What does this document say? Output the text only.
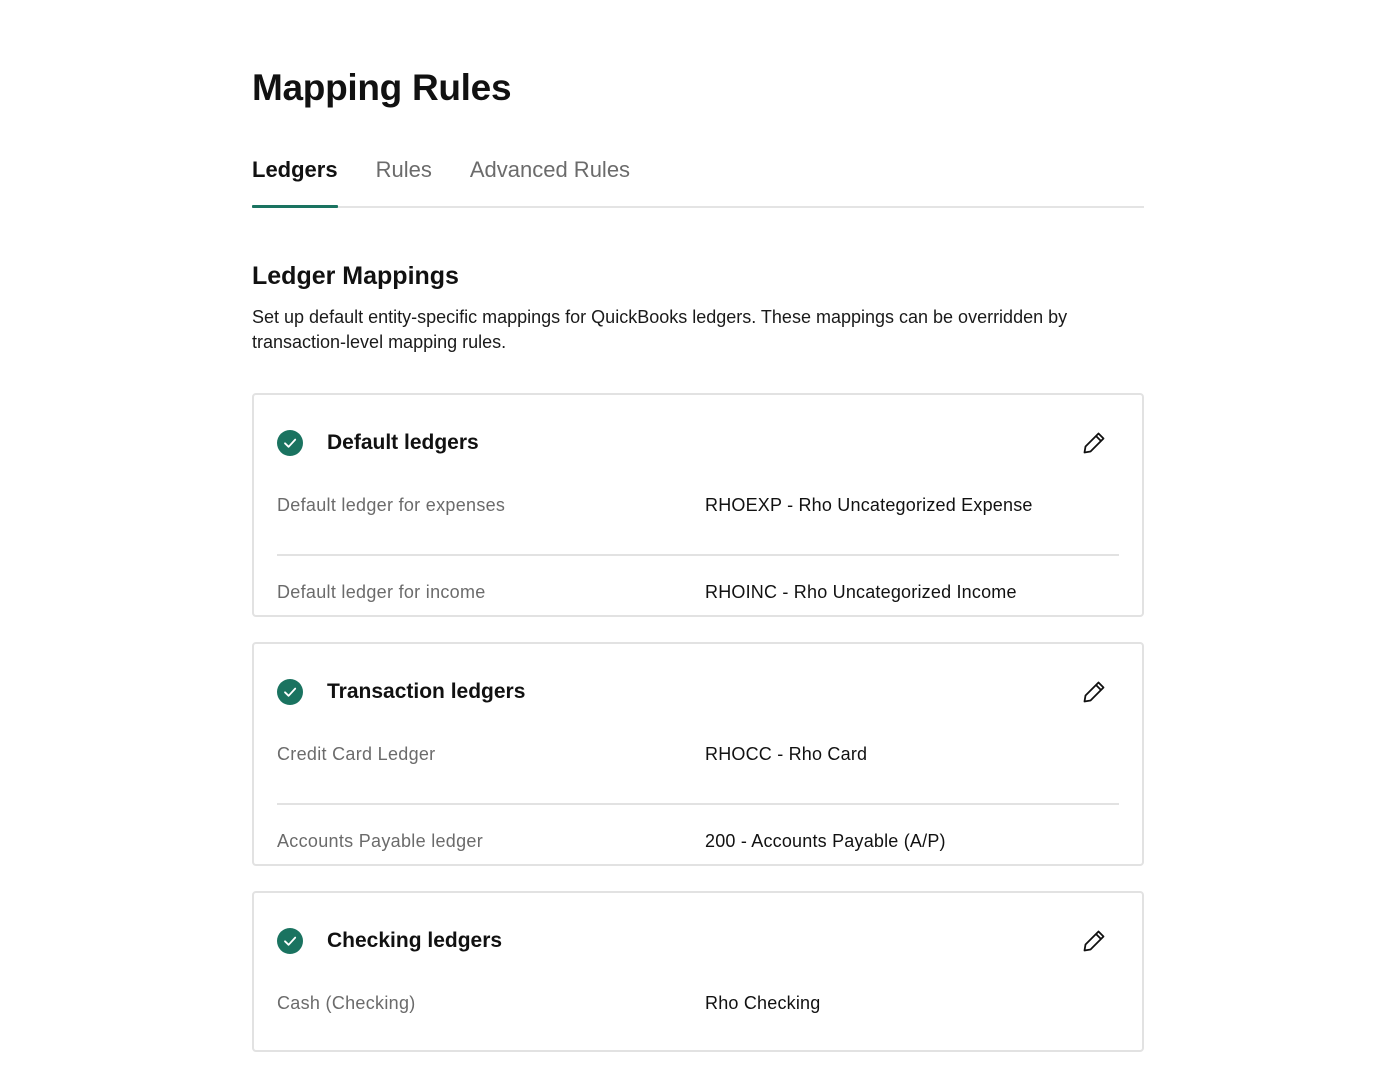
Mapping Rules
Ledgers Rules Advanced Rules
Ledger Mappings

Set up default entity-specific mappings for QuickBooks ledgers. These mappings can be overridden by transaction-level mapping rules.

Default ledgers
Default ledger for expenses	RHOEXP - Rho Uncategorized Expense
Default ledger for income	RHOINC - Rho Uncategorized Income
Transaction ledgers
Credit Card Ledger	RHOCC - Rho Card
Accounts Payable ledger	200 - Accounts Payable (A/P)
Checking ledgers
Cash (Checking)	Rho Checking
